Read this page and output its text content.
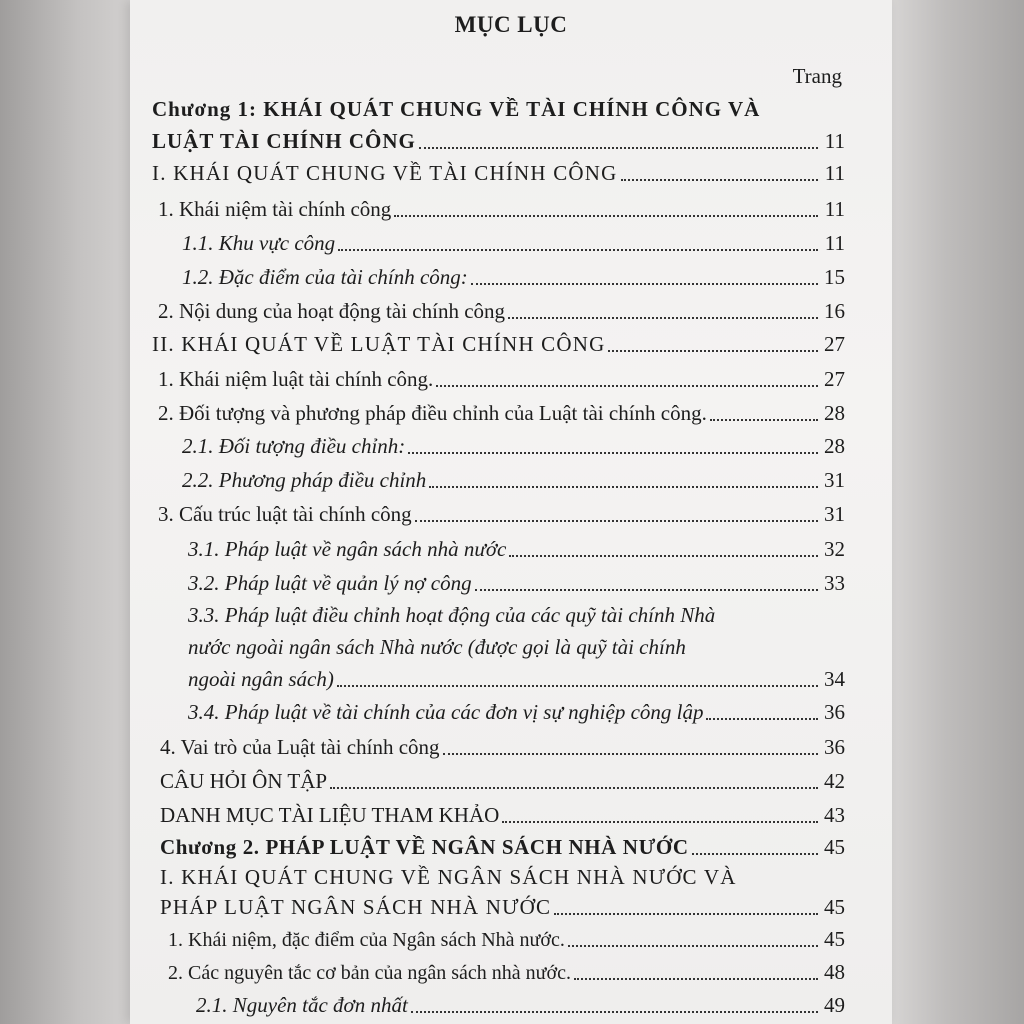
MỤC LỤC
Trang
Chương 1: KHÁI QUÁT CHUNG VỀ TÀI CHÍNH CÔNG VÀ
LUẬT TÀI CHÍNH CÔNG	11
I. KHÁI QUÁT CHUNG VỀ TÀI CHÍNH CÔNG	11
1. Khái niệm tài chính công	11
1.1. Khu vực công	11
1.2. Đặc điểm của tài chính công:	15
2. Nội dung của hoạt động tài chính công	16
II. KHÁI QUÁT VỀ LUẬT TÀI CHÍNH CÔNG	27
1. Khái niệm luật tài chính công.	27
2. Đối tượng và phương pháp điều chỉnh của Luật tài chính công.	28
2.1. Đối tượng điều chỉnh:	28
2.2. Phương pháp điều chỉnh	31
3. Cấu trúc luật tài chính công	31
3.1. Pháp luật về ngân sách nhà nước	32
3.2. Pháp luật về quản lý nợ công	33
3.3. Pháp luật điều chỉnh hoạt động của các quỹ tài chính Nhà
nước ngoài ngân sách Nhà nước (được gọi là quỹ tài chính
ngoài ngân sách)	34
3.4. Pháp luật về tài chính của các đơn vị sự nghiệp công lập	36
4. Vai trò của Luật tài chính công	36
CÂU HỎI ÔN TẬP	42
DANH MỤC TÀI LIỆU THAM KHẢO	43
Chương 2. PHÁP LUẬT VỀ NGÂN SÁCH NHÀ NƯỚC	45
I. KHÁI QUÁT CHUNG VỀ NGÂN SÁCH NHÀ NƯỚC VÀ
PHÁP LUẬT NGÂN SÁCH NHÀ NƯỚC	45
1. Khái niệm, đặc điểm của Ngân sách Nhà nước.	45
2. Các nguyên tắc cơ bản của ngân sách nhà nước.	48
2.1. Nguyên tắc đơn nhất	49
